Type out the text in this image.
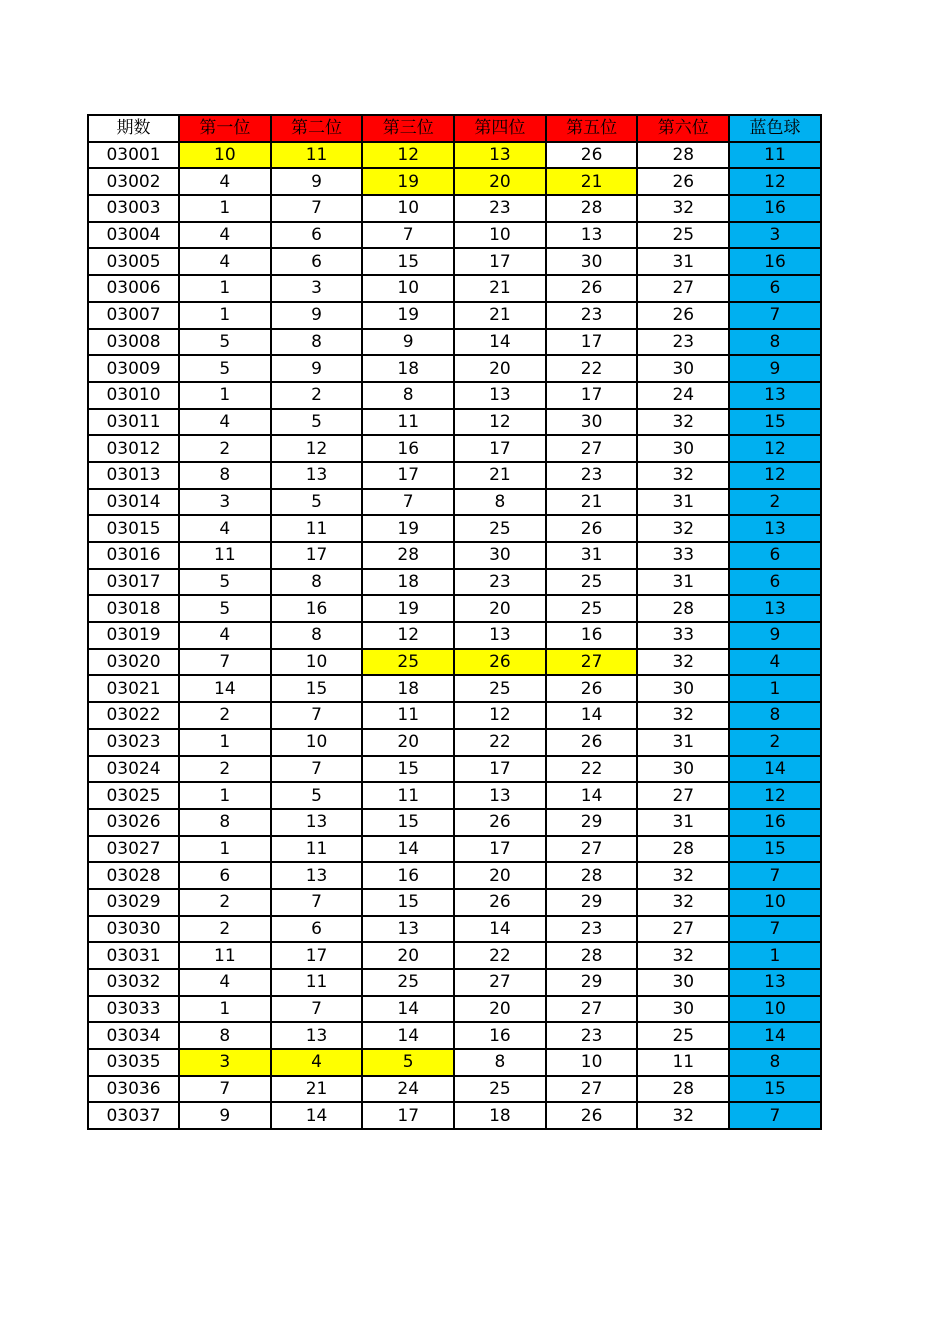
期数	第一位	第二位	第三位	第四位	第五位	第六位	蓝色球
03001	10	11	12	13	26	28	11
03002	4	9	19	20	21	26	12
03003	1	7	10	23	28	32	16
03004	4	6	7	10	13	25	3
03005	4	6	15	17	30	31	16
03006	1	3	10	21	26	27	6
03007	1	9	19	21	23	26	7
03008	5	8	9	14	17	23	8
03009	5	9	18	20	22	30	9
03010	1	2	8	13	17	24	13
03011	4	5	11	12	30	32	15
03012	2	12	16	17	27	30	12
03013	8	13	17	21	23	32	12
03014	3	5	7	8	21	31	2
03015	4	11	19	25	26	32	13
03016	11	17	28	30	31	33	6
03017	5	8	18	23	25	31	6
03018	5	16	19	20	25	28	13
03019	4	8	12	13	16	33	9
03020	7	10	25	26	27	32	4
03021	14	15	18	25	26	30	1
03022	2	7	11	12	14	32	8
03023	1	10	20	22	26	31	2
03024	2	7	15	17	22	30	14
03025	1	5	11	13	14	27	12
03026	8	13	15	26	29	31	16
03027	1	11	14	17	27	28	15
03028	6	13	16	20	28	32	7
03029	2	7	15	26	29	32	10
03030	2	6	13	14	23	27	7
03031	11	17	20	22	28	32	1
03032	4	11	25	27	29	30	13
03033	1	7	14	20	27	30	10
03034	8	13	14	16	23	25	14
03035	3	4	5	8	10	11	8
03036	7	21	24	25	27	28	15
03037	9	14	17	18	26	32	7
